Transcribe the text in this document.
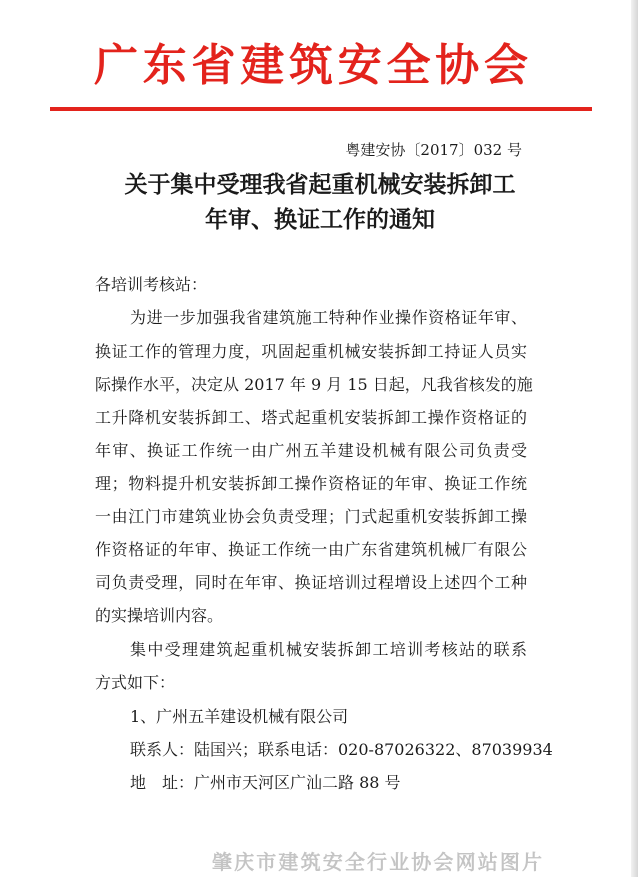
广东省建筑安全协会
粤建安协〔2017〕032 号
关于集中受理我省起重机械安装拆卸工
年审、换证工作的通知
各培训考核站：
为进一步加强我省建筑施工特种作业操作资格证年审、
换证工作的管理力度，巩固起重机械安装拆卸工持证人员实
际操作水平，决定从 2017 年 9 月 15 日起，凡我省核发的施
工升降机安装拆卸工、塔式起重机安装拆卸工操作资格证的
年审、换证工作统一由广州五羊建设机械有限公司负责受
理；物料提升机安装拆卸工操作资格证的年审、换证工作统
一由江门市建筑业协会负责受理；门式起重机安装拆卸工操
作资格证的年审、换证工作统一由广东省建筑机械厂有限公
司负责受理，同时在年审、换证培训过程增设上述四个工种
的实操培训内容。
集中受理建筑起重机械安装拆卸工培训考核站的联系
方式如下：
1、广州五羊建设机械有限公司
联系人：陆国兴；联系电话：020-87026322、87039934
地　址：广州市天河区广汕二路 88 号
肇庆市建筑安全行业协会网站图片
